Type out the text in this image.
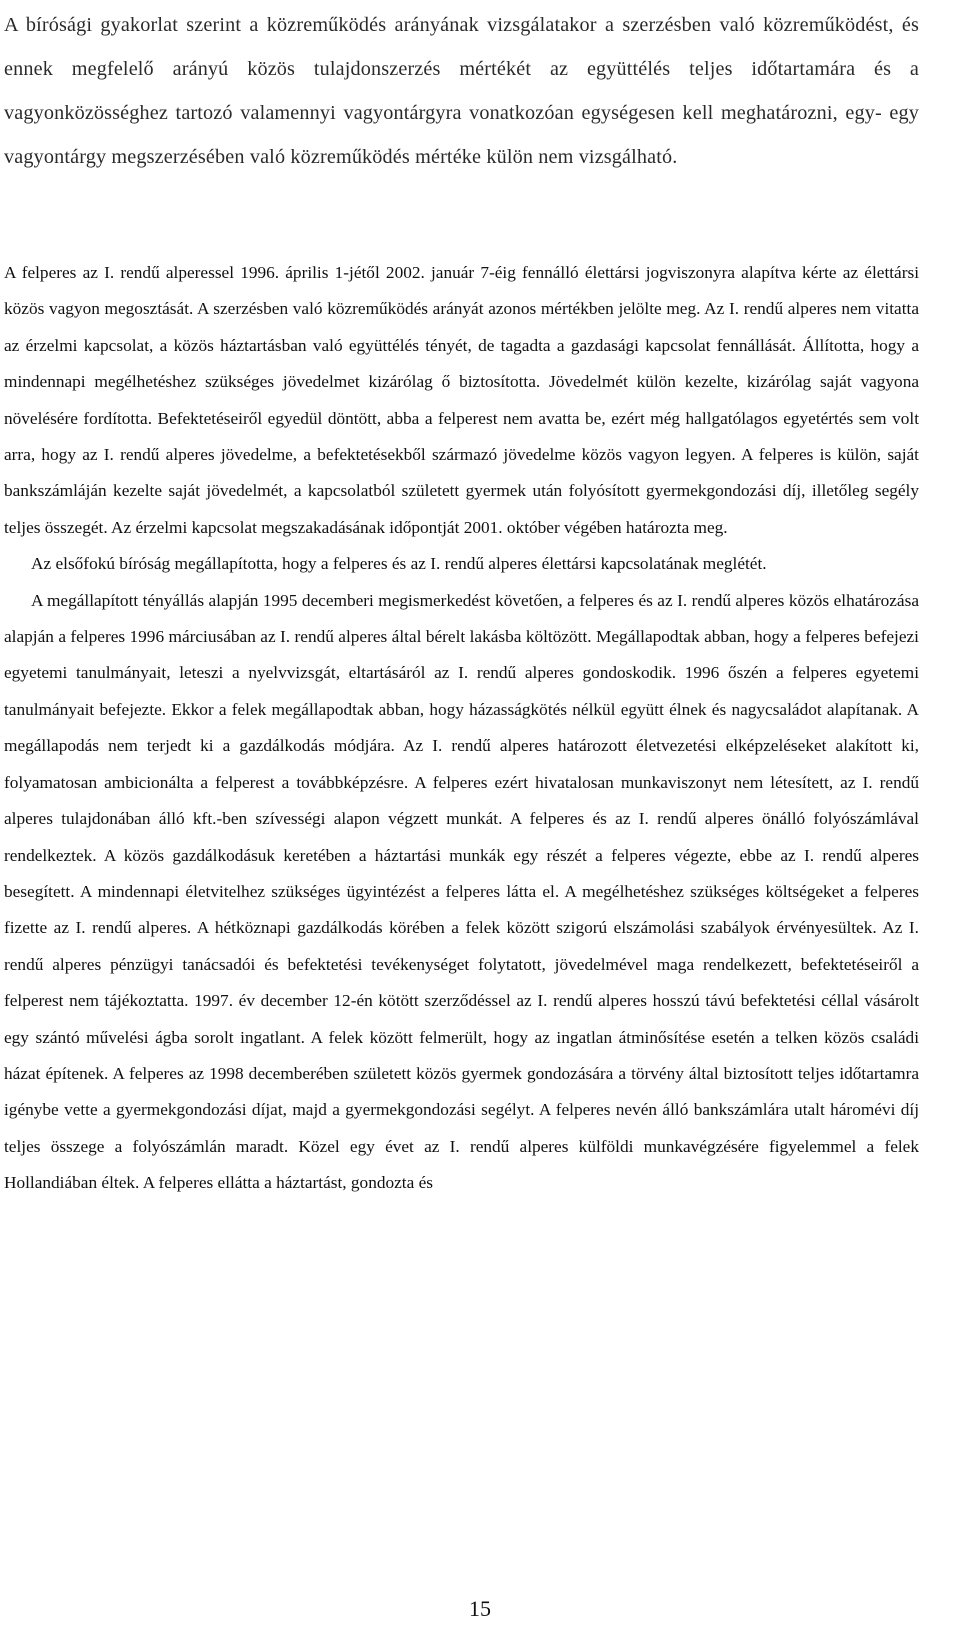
A bírósági gyakorlat szerint a közreműködés arányának vizsgálatakor a szerzésben való közreműködést, és ennek megfelelő arányú közös tulajdonszerzés mértékét az együttélés teljes időtartamára és a vagyonközösséghez tartozó valamennyi vagyontárgyra vonatkozóan egységesen kell meghatározni, egy- egy vagyontárgy megszerzésében való közreműködés mértéke külön nem vizsgálható.

A felperes az I. rendű alperessel 1996. április 1-jétől 2002. január 7-éig fennálló élettársi jogviszonyra alapítva kérte az élettársi közös vagyon megosztását. A szerzésben való közreműködés arányát azonos mértékben jelölte meg. Az I. rendű alperes nem vitatta az érzelmi kapcsolat, a közös háztartásban való együttélés tényét, de tagadta a gazdasági kapcsolat fennállását. Állította, hogy a mindennapi megélhetéshez szükséges jövedelmet kizárólag ő biztosította. Jövedelmét külön kezelte, kizárólag saját vagyona növelésére fordította. Befektetéseiről egyedül döntött, abba a felperest nem avatta be, ezért még hallgatólagos egyetértés sem volt arra, hogy az I. rendű alperes jövedelme, a befektetésekből származó jövedelme közös vagyon legyen. A felperes is külön, saját bankszámláján kezelte saját jövedelmét, a kapcsolatból született gyermek után folyósított gyermekgondozási díj, illetőleg segély teljes összegét. Az érzelmi kapcsolat megszakadásának időpontját 2001. október végében határozta meg.

Az elsőfokú bíróság megállapította, hogy a felperes és az I. rendű alperes élettársi kapcsolatának meglétét.

A megállapított tényállás alapján 1995 decemberi megismerkedést követően, a felperes és az I. rendű alperes közös elhatározása alapján a felperes 1996 márciusában az I. rendű alperes által bérelt lakásba költözött. Megállapodtak abban, hogy a felperes befejezi egyetemi tanulmányait, leteszi a nyelvvizsgát, eltartásáról az I. rendű alperes gondoskodik. 1996 őszén a felperes egyetemi tanulmányait befejezte. Ekkor a felek megállapodtak abban, hogy házasságkötés nélkül együtt élnek és nagycsaládot alapítanak. A megállapodás nem terjedt ki a gazdálkodás módjára. Az I. rendű alperes határozott életvezetési elképzeléseket alakított ki, folyamatosan ambicionálta a felperest a továbbképzésre. A felperes ezért hivatalosan munkaviszonyt nem létesített, az I. rendű alperes tulajdonában álló kft.-ben szívességi alapon végzett munkát. A felperes és az I. rendű alperes önálló folyószámlával rendelkeztek. A közös gazdálkodásuk keretében a háztartási munkák egy részét a felperes végezte, ebbe az I. rendű alperes besegített. A mindennapi életvitelhez szükséges ügyintézést a felperes látta el. A megélhetéshez szükséges költségeket a felperes fizette az I. rendű alperes. A hétköznapi gazdálkodás körében a felek között szigorú elszámolási szabályok érvényesültek. Az I. rendű alperes pénzügyi tanácsadói és befektetési tevékenységet folytatott, jövedelmével maga rendelkezett, befektetéseiről a felperest nem tájékoztatta. 1997. év december 12-én kötött szerződéssel az I. rendű alperes hosszú távú befektetési céllal vásárolt egy szántó művelési ágba sorolt ingatlant. A felek között felmerült, hogy az ingatlan átminősítése esetén a telken közös családi házat építenek. A felperes az 1998 decemberében született közös gyermek gondozására a törvény által biztosított teljes időtartamra igénybe vette a gyermekgondozási díjat, majd a gyermekgondozási segélyt. A felperes nevén álló bankszámlára utalt háromévi díj teljes összege a folyószámlán maradt. Közel egy évet az I. rendű alperes külföldi munkavégzésére figyelemmel a felek Hollandiában éltek. A felperes ellátta a háztartást, gondozta és

15
